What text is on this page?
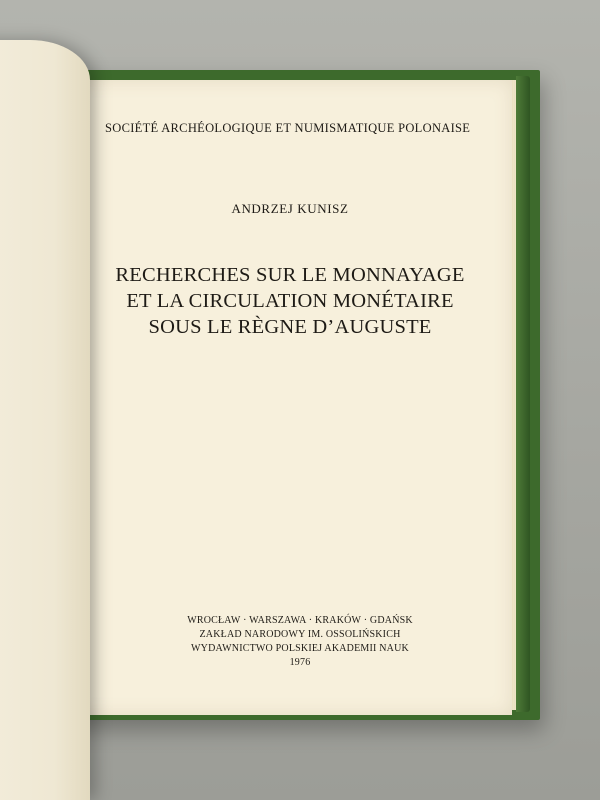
SOCIÉTÉ ARCHÉOLOGIQUE ET NUMISMATIQUE POLONAISE
ANDRZEJ KUNISZ
RECHERCHES SUR LE MONNAYAGE
ET LA CIRCULATION MONÉTAIRE
SOUS LE RÈGNE D’AUGUSTE
WROCŁAW · WARSZAWA · KRAKÓW · GDAŃSK
ZAKŁAD NARODOWY IM. OSSOLIŃSKICH
WYDAWNICTWO POLSKIEJ AKADEMII NAUK
1976
